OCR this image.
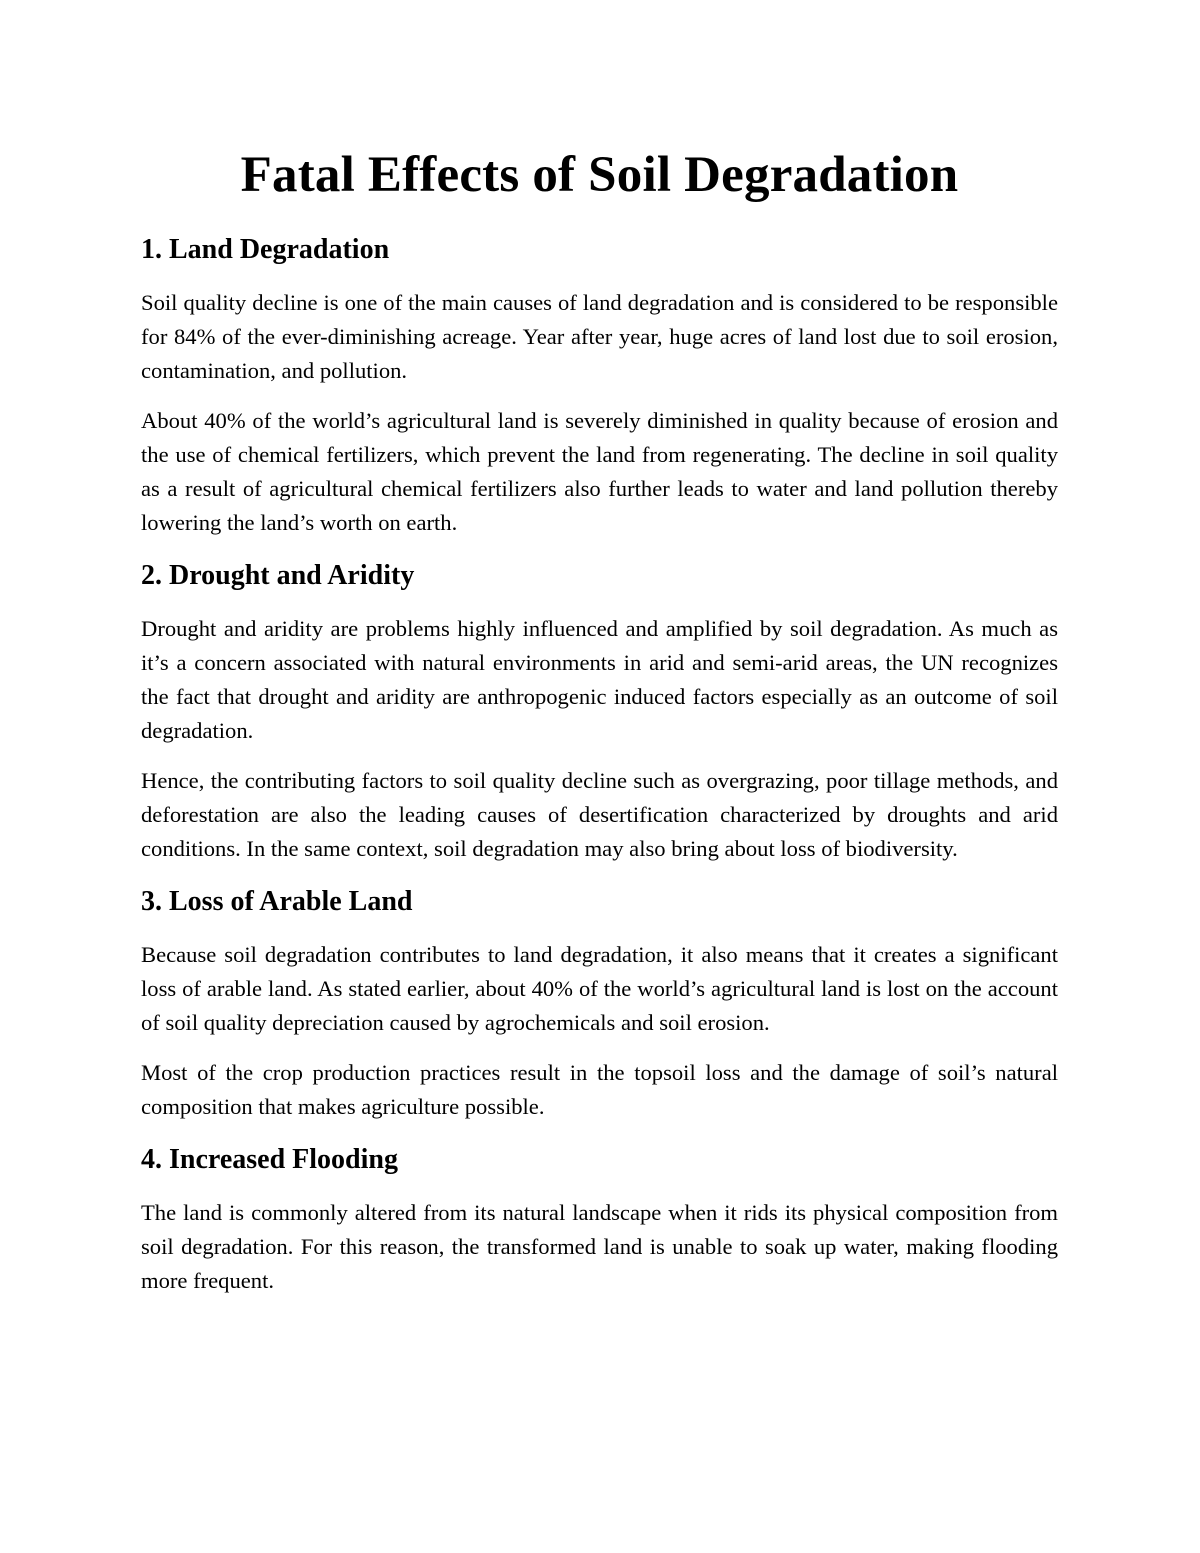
Fatal Effects of Soil Degradation
1. Land Degradation

Soil quality decline is one of the main causes of land degradation and is considered to be responsible for 84% of the ever-diminishing acreage. Year after year, huge acres of land lost due to soil erosion, contamination, and pollution.

About 40% of the world’s agricultural land is severely diminished in quality because of erosion and the use of chemical fertilizers, which prevent the land from regenerating. The decline in soil quality as a result of agricultural chemical fertilizers also further leads to water and land pollution thereby lowering the land’s worth on earth.

2. Drought and Aridity

Drought and aridity are problems highly influenced and amplified by soil degradation. As much as it’s a concern associated with natural environments in arid and semi-arid areas, the UN recognizes the fact that drought and aridity are anthropogenic induced factors especially as an outcome of soil degradation.

Hence, the contributing factors to soil quality decline such as overgrazing, poor tillage methods, and deforestation are also the leading causes of desertification characterized by droughts and arid conditions. In the same context, soil degradation may also bring about loss of biodiversity.

3. Loss of Arable Land

Because soil degradation contributes to land degradation, it also means that it creates a significant loss of arable land. As stated earlier, about 40% of the world’s agricultural land is lost on the account of soil quality depreciation caused by agrochemicals and soil erosion.

Most of the crop production practices result in the topsoil loss and the damage of soil’s natural composition that makes agriculture possible.

4. Increased Flooding

The land is commonly altered from its natural landscape when it rids its physical composition from soil degradation. For this reason, the transformed land is unable to soak up water, making flooding more frequent.
